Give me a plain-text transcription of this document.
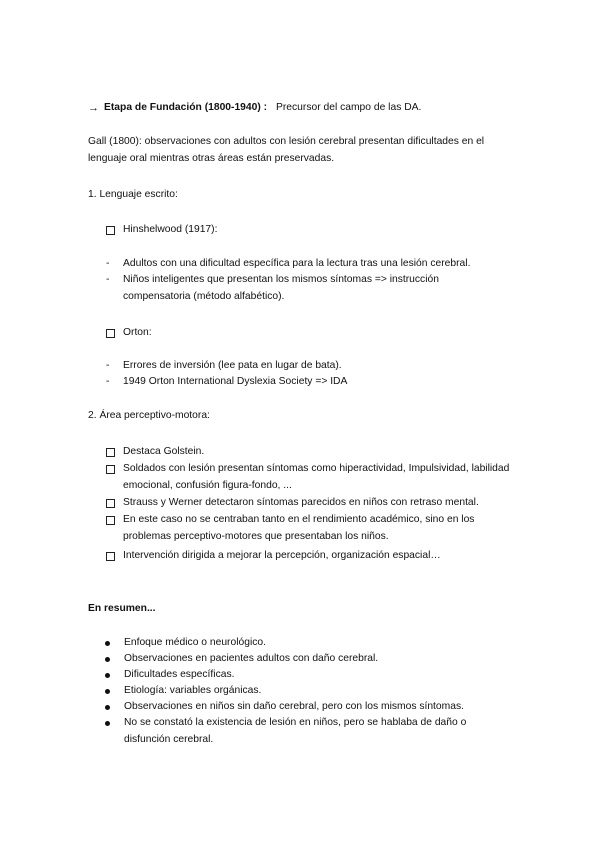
→ Etapa de Fundación (1800-1940) : Precursor del campo de las DA.
Gall (1800): observaciones con adultos con lesión cerebral presentan dificultades en el
lenguaje oral mientras otras áreas están preservadas.
1. Lenguaje escrito:
Hinshelwood (1917):
- Adultos con una dificultad específica para la lectura tras una lesión cerebral.
- Niños inteligentes que presentan los mismos síntomas => instrucción
compensatoria (método alfabético).
Orton:
- Errores de inversión (lee pata en lugar de bata).
- 1949 Orton International Dyslexia Society => IDA
2. Área perceptivo-motora:
Destaca Golstein.
Soldados con lesión presentan síntomas como hiperactividad, Impulsividad, labilidad
emocional, confusión figura-fondo, ...
Strauss y Werner detectaron síntomas parecidos en niños con retraso mental.
En este caso no se centraban tanto en el rendimiento académico, sino en los
problemas perceptivo-motores que presentaban los niños.
Intervención dirigida a mejorar la percepción, organización espacial…
En resumen...
Enfoque médico o neurológico.
Observaciones en pacientes adultos con daño cerebral.
Dificultades específicas.
Etiología: variables orgánicas.
Observaciones en niños sin daño cerebral, pero con los mismos síntomas.
No se constató la existencia de lesión en niños, pero se hablaba de daño o
disfunción cerebral.
